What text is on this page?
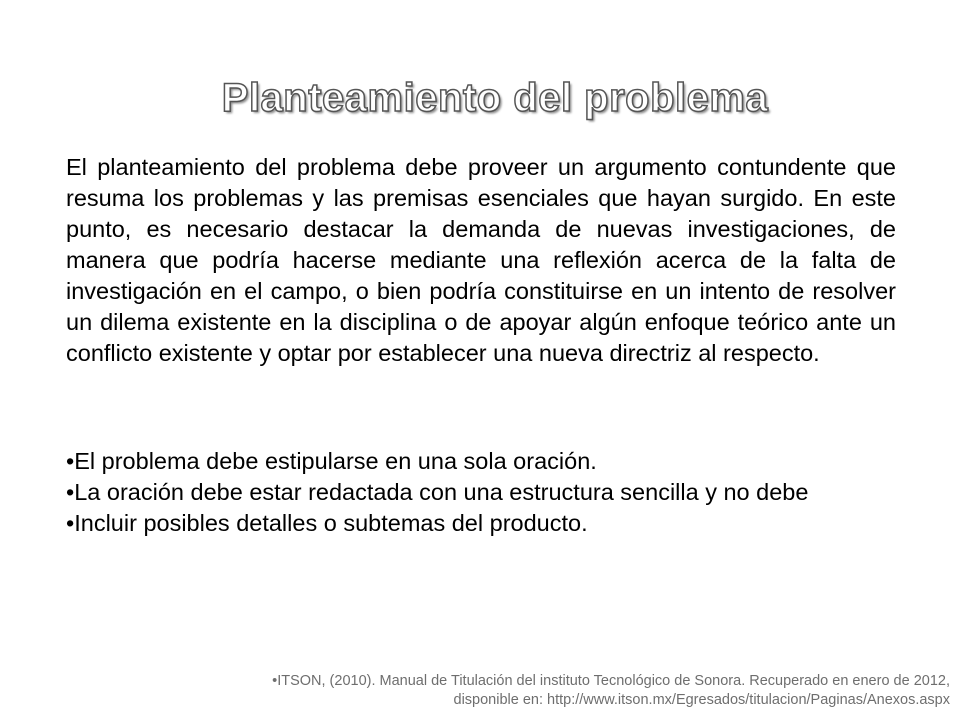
Planteamiento del problema

El planteamiento del problema debe proveer un argumento contundente que resuma los problemas y las premisas esenciales que hayan surgido. En este punto, es necesario destacar la demanda de nuevas investigaciones, de manera que podría hacerse mediante una reflexión acerca de la falta de investigación en el campo, o bien podría constituirse en un intento de resolver un dilema existente en la disciplina o de apoyar algún enfoque teórico ante un conflicto existente y optar por establecer una nueva directriz al respecto.

•El problema debe estipularse en una sola oración.
•La oración debe estar redactada con una estructura sencilla y no debe
•Incluir posibles detalles o subtemas del producto.
•ITSON, (2010). Manual de Titulación del instituto Tecnológico de Sonora. Recuperado en enero de 2012,
disponible en: http://www.itson.mx/Egresados/titulacion/Paginas/Anexos.aspx
